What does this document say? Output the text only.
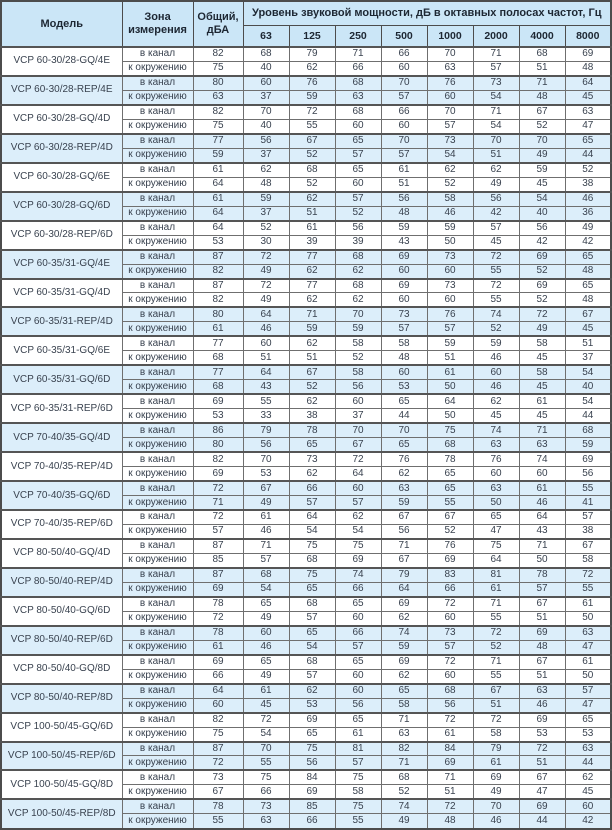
Модель	Зона измерения	Общий, дБА	Уровень звуковой мощности, дБ в октавных полосах частот, Гц							
			63	125	250	500	1000	2000	4000	8000
VCP 60-30/28-GQ/4E	в канал	82	68	79	71	66	70	71	68	69
	к окружению	75	40	62	66	60	63	57	51	48
VCP 60-30/28-REP/4E	в канал	80	60	76	68	70	76	73	71	64
	к окружению	63	37	59	63	57	60	54	48	45
VCP 60-30/28-GQ/4D	в канал	82	70	72	68	66	70	71	67	63
	к окружению	75	40	55	60	60	57	54	52	47
VCP 60-30/28-REP/4D	в канал	77	56	67	65	70	73	70	70	65
	к окружению	59	37	52	57	57	54	51	49	44
VCP 60-30/28-GQ/6E	в канал	61	62	68	65	61	62	62	59	52
	к окружению	64	48	52	60	51	52	49	45	38
VCP 60-30/28-GQ/6D	в канал	61	59	62	57	56	58	56	54	46
	к окружению	64	37	51	52	48	46	42	40	36
VCP 60-30/28-REP/6D	в канал	64	52	61	56	59	59	57	56	49
	к окружению	53	30	39	39	43	50	45	42	42
VCP 60-35/31-GQ/4E	в канал	87	72	77	68	69	73	72	69	65
	к окружению	82	49	62	62	60	60	55	52	48
VCP 60-35/31-GQ/4D	в канал	87	72	77	68	69	73	72	69	65
	к окружению	82	49	62	62	60	60	55	52	48
VCP 60-35/31-REP/4D	в канал	80	64	71	70	73	76	74	72	67
	к окружению	61	46	59	59	57	57	52	49	45
VCP 60-35/31-GQ/6E	в канал	77	60	62	58	58	59	59	58	51
	к окружению	68	51	51	52	48	51	46	45	37
VCP 60-35/31-GQ/6D	в канал	77	64	67	58	60	61	60	58	54
	к окружению	68	43	52	56	53	50	46	45	40
VCP 60-35/31-REP/6D	в канал	69	55	62	60	65	64	62	61	54
	к окружению	53	33	38	37	44	50	45	45	44
VCP 70-40/35-GQ/4D	в канал	86	79	78	70	70	75	74	71	68
	к окружению	80	56	65	67	65	68	63	63	59
VCP 70-40/35-REP/4D	в канал	82	70	73	72	76	78	76	74	69
	к окружению	69	53	62	64	62	65	60	60	56
VCP 70-40/35-GQ/6D	в канал	72	67	66	60	63	65	63	61	55
	к окружению	71	49	57	57	59	55	50	46	41
VCP 70-40/35-REP/6D	в канал	72	61	64	62	67	67	65	64	57
	к окружению	57	46	54	54	56	52	47	43	38
VCP 80-50/40-GQ/4D	в канал	87	71	75	75	71	76	75	71	67
	к окружению	85	57	68	69	67	69	64	50	58
VCP 80-50/40-REP/4D	в канал	87	68	75	74	79	83	81	78	72
	к окружению	69	54	65	66	64	66	61	57	55
VCP 80-50/40-GQ/6D	в канал	78	65	68	65	69	72	71	67	61
	к окружению	72	49	57	60	62	60	55	51	50
VCP 80-50/40-REP/6D	в канал	78	60	65	66	74	73	72	69	63
	к окружению	61	46	54	57	59	57	52	48	47
VCP 80-50/40-GQ/8D	в канал	69	65	68	65	69	72	71	67	61
	к окружению	66	49	57	60	62	60	55	51	50
VCP 80-50/40-REP/8D	в канал	64	61	62	60	65	68	67	63	57
	к окружению	60	45	53	56	58	56	51	46	47
VCP 100-50/45-GQ/6D	в канал	82	72	69	65	71	72	72	69	65
	к окружению	75	54	65	61	63	61	58	53	53
VCP 100-50/45-REP/6D	в канал	87	70	75	81	82	84	79	72	63
	к окружению	72	55	56	57	71	69	61	51	44
VCP 100-50/45-GQ/8D	в канал	73	75	84	75	68	71	69	67	62
	к окружению	67	66	69	58	52	51	49	47	45
VCP 100-50/45-REP/8D	в канал	78	73	85	75	74	72	70	69	60
	к окружению	55	63	66	55	49	48	46	44	42
